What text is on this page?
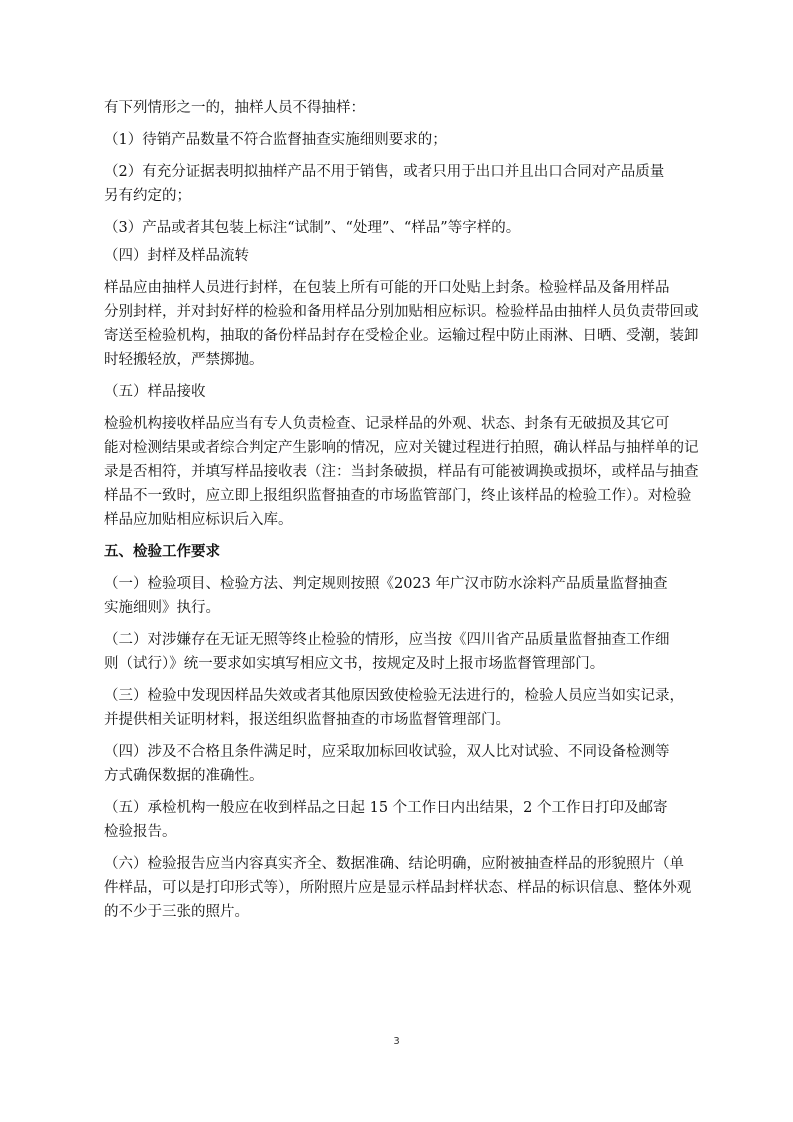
有下列情形之一的，抽样人员不得抽样：
（1）待销产品数量不符合监督抽查实施细则要求的；
（2）有充分证据表明拟抽样产品不用于销售，或者只用于出口并且出口合同对产品质量
另有约定的；
（3）产品或者其包装上标注“试制”、“处理”、“样品”等字样的。
（四）封样及样品流转
样品应由抽样人员进行封样，在包装上所有可能的开口处贴上封条。检验样品及备用样品
分别封样，并对封好样的检验和备用样品分别加贴相应标识。检验样品由抽样人员负责带回或
寄送至检验机构，抽取的备份样品封存在受检企业。运输过程中防止雨淋、日晒、受潮，装卸
时轻搬轻放，严禁掷抛。
（五）样品接收
检验机构接收样品应当有专人负责检查、记录样品的外观、状态、封条有无破损及其它可
能对检测结果或者综合判定产生影响的情况，应对关键过程进行拍照，确认样品与抽样单的记
录是否相符，并填写样品接收表（注：当封条破损，样品有可能被调换或损坏，或样品与抽查
样品不一致时，应立即上报组织监督抽查的市场监管部门，终止该样品的检验工作）。对检验
样品应加贴相应标识后入库。
五、检验工作要求
（一）检验项目、检验方法、判定规则按照《2023 年广汉市防水涂料产品质量监督抽查
实施细则》执行。
（二）对涉嫌存在无证无照等终止检验的情形，应当按《四川省产品质量监督抽查工作细
则（试行）》统一要求如实填写相应文书，按规定及时上报市场监督管理部门。
（三）检验中发现因样品失效或者其他原因致使检验无法进行的，检验人员应当如实记录，
并提供相关证明材料，报送组织监督抽查的市场监督管理部门。
（四）涉及不合格且条件满足时，应采取加标回收试验，双人比对试验、不同设备检测等
方式确保数据的准确性。
（五）承检机构一般应在收到样品之日起 15 个工作日内出结果，2 个工作日打印及邮寄
检验报告。
（六）检验报告应当内容真实齐全、数据准确、结论明确，应附被抽查样品的形貌照片（单
件样品，可以是打印形式等），所附照片应是显示样品封样状态、样品的标识信息、整体外观
的不少于三张的照片。
3
